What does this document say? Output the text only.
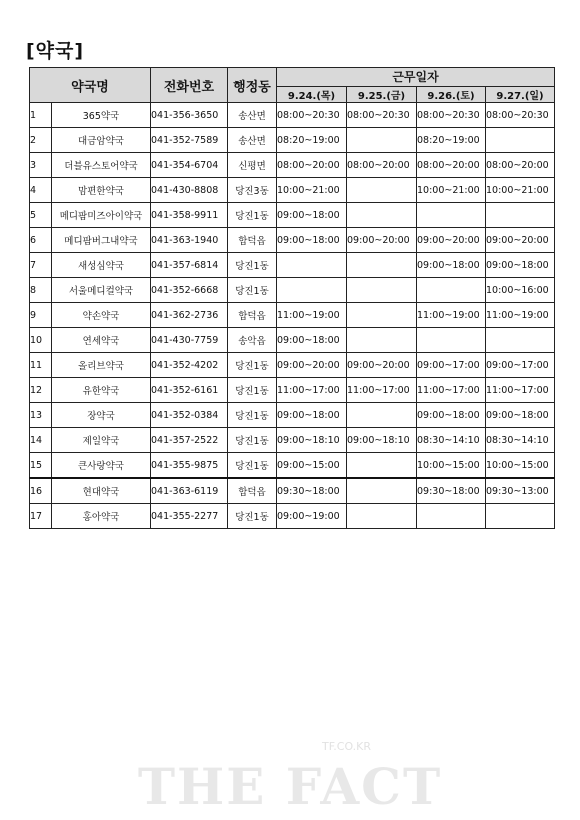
[약국]
약국명		전화번호	행정동	근무일자			
				9.24.(목)	9.25.(금)	9.26.(토)	9.27.(일)
1	365약국	041-356-3650	송산면	08:00~20:30	08:00~20:30	08:00~20:30	08:00~20:30
2	대금암약국	041-352-7589	송산면	08:20~19:00		08:20~19:00	
3	더블유스토어약국	041-354-6704	신평면	08:00~20:00	08:00~20:00	08:00~20:00	08:00~20:00
4	맘편한약국	041-430-8808	당진3동	10:00~21:00		10:00~21:00	10:00~21:00
5	메디팜미즈아이약국	041-358-9911	당진1동	09:00~18:00			
6	메디팜버그내약국	041-363-1940	합덕읍	09:00~18:00	09:00~20:00	09:00~20:00	09:00~20:00
7	새성심약국	041-357-6814	당진1동			09:00~18:00	09:00~18:00
8	서울메디컬약국	041-352-6668	당진1동				10:00~16:00
9	약손약국	041-362-2736	합덕읍	11:00~19:00		11:00~19:00	11:00~19:00
10	연세약국	041-430-7759	송악읍	09:00~18:00			
11	올리브약국	041-352-4202	당진1동	09:00~20:00	09:00~20:00	09:00~17:00	09:00~17:00
12	유한약국	041-352-6161	당진1동	11:00~17:00	11:00~17:00	11:00~17:00	11:00~17:00
13	장약국	041-352-0384	당진1동	09:00~18:00		09:00~18:00	09:00~18:00
14	제일약국	041-357-2522	당진1동	09:00~18:10	09:00~18:10	08:30~14:10	08:30~14:10
15	큰사랑약국	041-355-9875	당진1동	09:00~15:00		10:00~15:00	10:00~15:00
16	현대약국	041-363-6119	합덕읍	09:30~18:00		09:30~18:00	09:30~13:00
17	홍아약국	041-355-2277	당진1동	09:00~19:00			
TF.CO.KR
THE FACT
